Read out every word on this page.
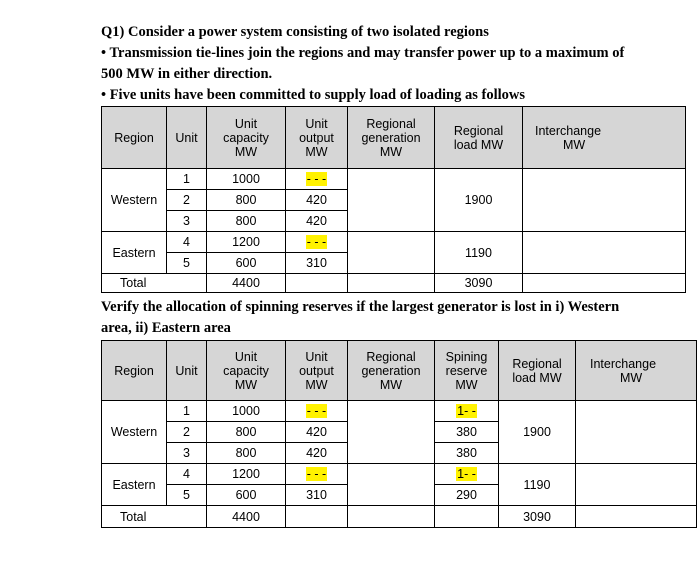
Q1) Consider a power system consisting of two isolated regions
• Transmission tie-lines join the regions and may transfer power up to a maximum of
500 MW in either direction.
• Five units have been committed to supply load of loading as follows
Region	Unit	Unit
capacity
MW	Unit
output
MW	Regional
generation
MW	Regional
load MW	Interchange
MW
Western	1	1000	- - -		1900	
	2	800	420			
	3	800	420			
Eastern	4	1200	- - -		1190	
	5	600	310			
Total		4400			3090	
Verify the allocation of spinning reserves if the largest generator is lost in i) Western
area, ii) Eastern area
Region	Unit	Unit
capacity
MW	Unit
output
MW	Regional
generation
MW	Spining
reserve
MW	Regional
load MW	Interchange
MW
Western	1	1000	- - -		1- -	1900	
	2	800	420		380		
	3	800	420		380		
Eastern	4	1200	- - -		1- -	1190	
	5	600	310		290		
Total		4400				3090	
